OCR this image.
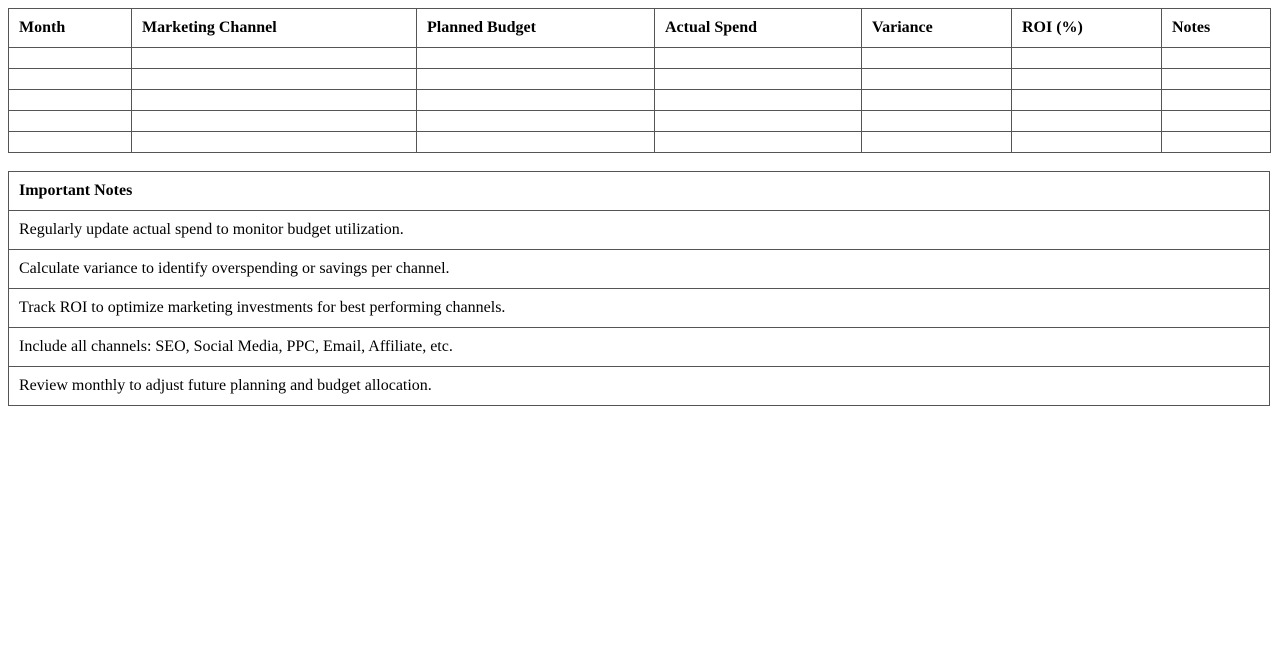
Month	Marketing Channel	Planned Budget	Actual Spend	Variance	ROI (%)	Notes

Important Notes
Regularly update actual spend to monitor budget utilization.
Calculate variance to identify overspending or savings per channel.
Track ROI to optimize marketing investments for best performing channels.
Include all channels: SEO, Social Media, PPC, Email, Affiliate, etc.
Review monthly to adjust future planning and budget allocation.
